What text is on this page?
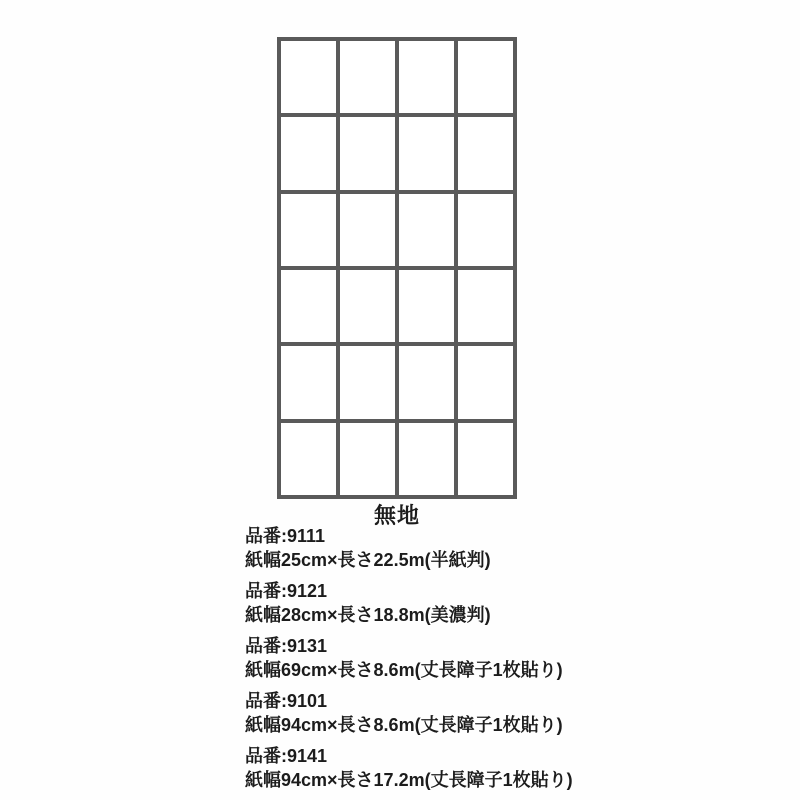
無地
品番:9111
紙幅25cm×長さ22.5m(半紙判)
品番:9121
紙幅28cm×長さ18.8m(美濃判)
品番:9131
紙幅69cm×長さ8.6m(丈長障子1枚貼り)
品番:9101
紙幅94cm×長さ8.6m(丈長障子1枚貼り)
品番:9141
紙幅94cm×長さ17.2m(丈長障子1枚貼り)
